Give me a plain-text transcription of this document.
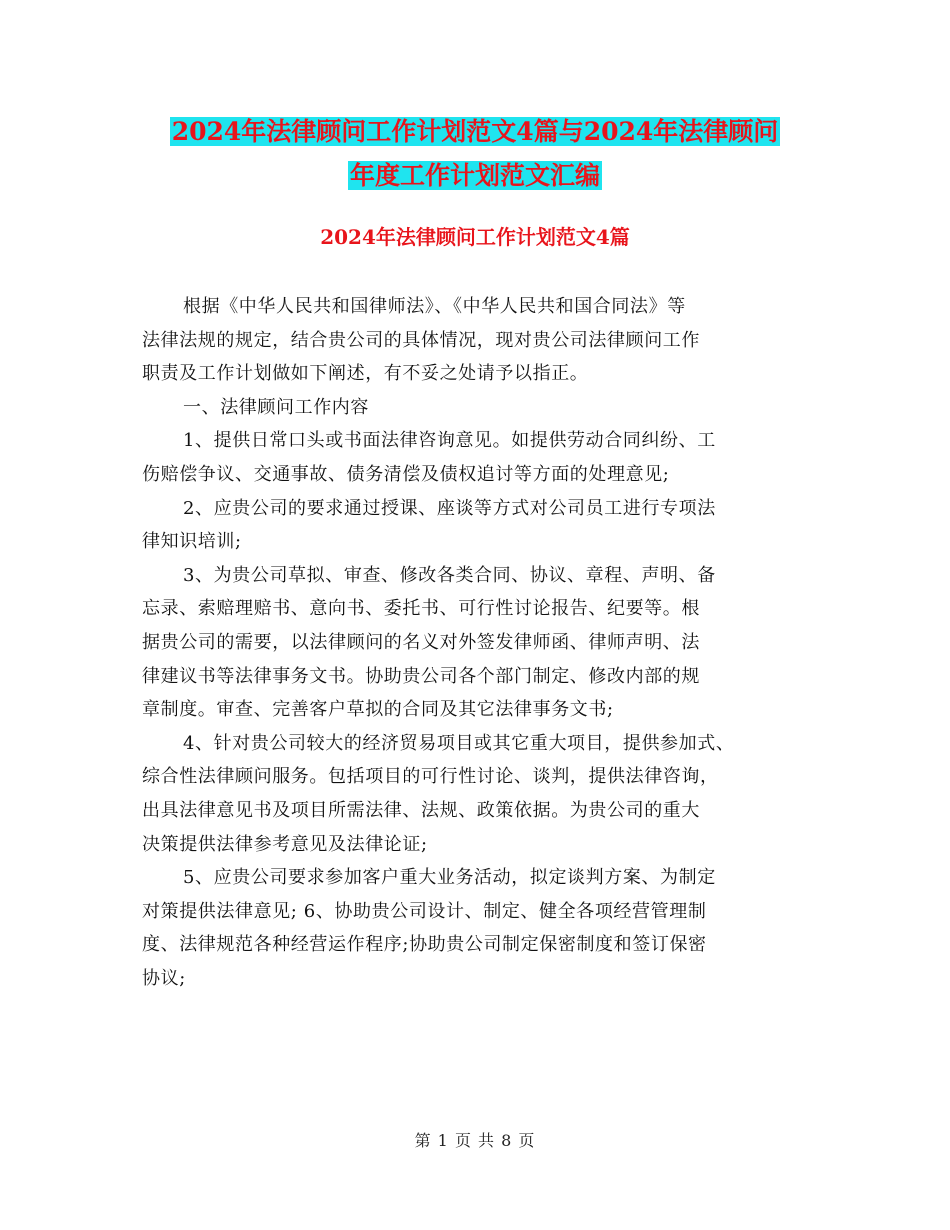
2024年法律顾问工作计划范文4篇与2024年法律顾问
年度工作计划范文汇编
2024年法律顾问工作计划范文4篇
根据《中华人民共和国律师法》、《中华人民共和国合同法》等
法律法规的规定，结合贵公司的具体情况，现对贵公司法律顾问工作
职责及工作计划做如下阐述，有不妥之处请予以指正。
一、法律顾问工作内容
1、提供日常口头或书面法律咨询意见。如提供劳动合同纠纷、工
伤赔偿争议、交通事故、债务清偿及债权追讨等方面的处理意见;
2、应贵公司的要求通过授课、座谈等方式对公司员工进行专项法
律知识培训;
3、为贵公司草拟、审查、修改各类合同、协议、章程、声明、备
忘录、索赔理赔书、意向书、委托书、可行性讨论报告、纪要等。根
据贵公司的需要，以法律顾问的名义对外签发律师函、律师声明、法
律建议书等法律事务文书。协助贵公司各个部门制定、修改内部的规
章制度。审查、完善客户草拟的合同及其它法律事务文书;
4、针对贵公司较大的经济贸易项目或其它重大项目，提供参加式、
综合性法律顾问服务。包括项目的可行性讨论、谈判，提供法律咨询，
出具法律意见书及项目所需法律、法规、政策依据。为贵公司的重大
决策提供法律参考意见及法律论证;
5、应贵公司要求参加客户重大业务活动，拟定谈判方案、为制定
对策提供法律意见; 6、协助贵公司设计、制定、健全各项经营管理制
度、法律规范各种经营运作程序;协助贵公司制定保密制度和签订保密
协议;
第 1 页 共 8 页
